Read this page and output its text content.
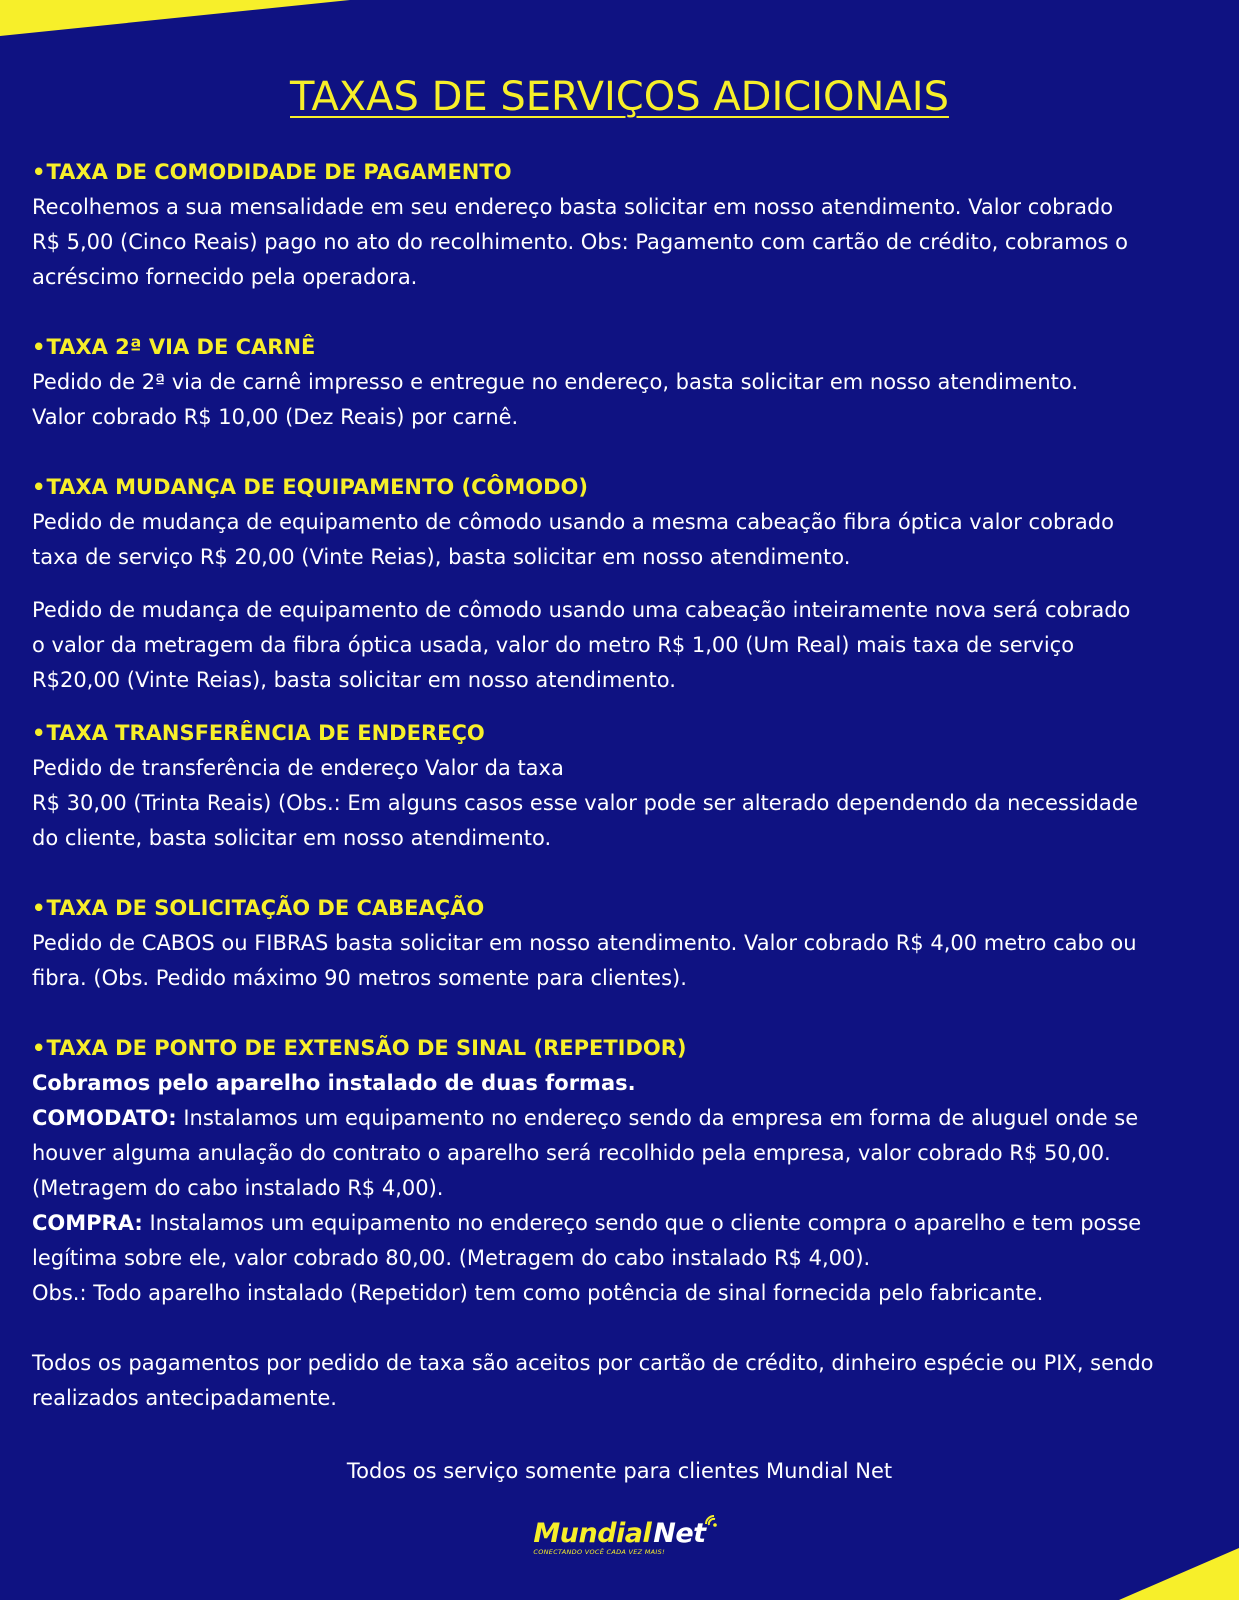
TAXAS DE SERVIÇOS ADICIONAIS
• TAXA DE COMODIDADE DE PAGAMENTO
Recolhemos a sua mensalidade em seu endereço basta solicitar em nosso atendimento. Valor cobrado
R$ 5,00 (Cinco Reais) pago no ato do recolhimento. Obs: Pagamento com cartão de crédito, cobramos o
acréscimo fornecido pela operadora.
• TAXA 2ª VIA DE CARNÊ
Pedido de 2ª via de carnê impresso e entregue no endereço, basta solicitar em nosso atendimento.
Valor cobrado R$ 10,00 (Dez Reais) por carnê.
• TAXA MUDANÇA DE EQUIPAMENTO (CÔMODO)
Pedido de mudança de equipamento de cômodo usando a mesma cabeação fibra óptica valor cobrado
taxa de serviço R$ 20,00 (Vinte Reias), basta solicitar em nosso atendimento.
Pedido de mudança de equipamento de cômodo usando uma cabeação inteiramente nova será cobrado
o valor da metragem da fibra óptica usada, valor do metro R$ 1,00 (Um Real) mais taxa de serviço
R$20,00 (Vinte Reias), basta solicitar em nosso atendimento.
• TAXA TRANSFERÊNCIA DE ENDEREÇO
Pedido de transferência de endereço Valor da taxa
R$ 30,00 (Trinta Reais) (Obs.: Em alguns casos esse valor pode ser alterado dependendo da necessidade
do cliente, basta solicitar em nosso atendimento.
• TAXA DE SOLICITAÇÃO DE CABEAÇÃO
Pedido de CABOS ou FIBRAS basta solicitar em nosso atendimento. Valor cobrado R$ 4,00 metro cabo ou
fibra. (Obs. Pedido máximo 90 metros somente para clientes).
• TAXA DE PONTO DE EXTENSÃO DE SINAL (REPETIDOR)
Cobramos pelo aparelho instalado de duas formas.
COMODATO: Instalamos um equipamento no endereço sendo da empresa em forma de aluguel onde se
houver alguma anulação do contrato o aparelho será recolhido pela empresa, valor cobrado R$ 50,00.
(Metragem do cabo instalado R$ 4,00).
COMPRA: Instalamos um equipamento no endereço sendo que o cliente compra o aparelho e tem posse
legítima sobre ele, valor cobrado 80,00. (Metragem do cabo instalado R$ 4,00).
Obs.: Todo aparelho instalado (Repetidor) tem como potência de sinal fornecida pelo fabricante.
Todos os pagamentos por pedido de taxa são aceitos por cartão de crédito, dinheiro espécie ou PIX, sendo
realizados antecipadamente.
Todos os serviço somente para clientes Mundial Net
MundialNet
CONECTANDO VOCÊ CADA VEZ MAIS!
